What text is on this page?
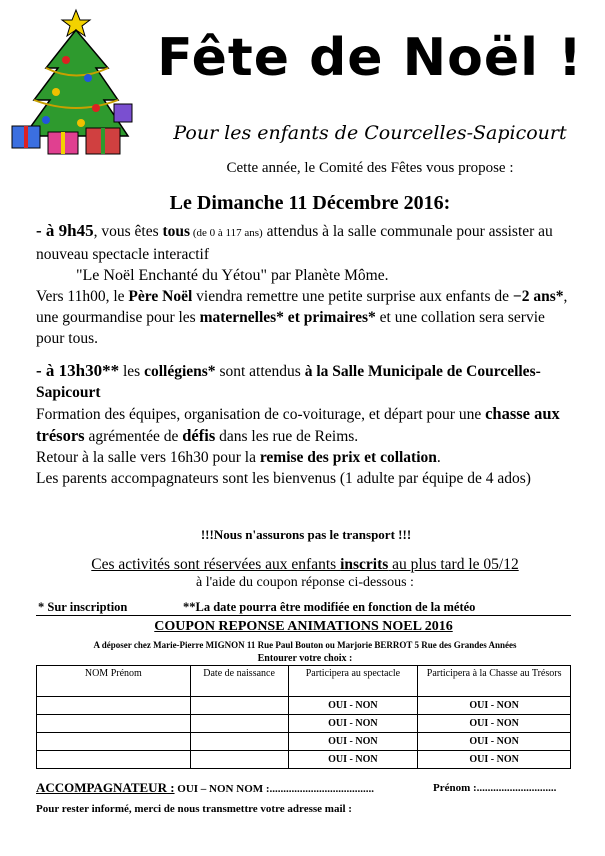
Fête de Noël !
Pour les enfants de Courcelles-Sapicourt
Cette année, le Comité des Fêtes vous propose :
Le Dimanche 11 Décembre 2016:
- à 9h45, vous êtes tous (de 0 à 117 ans) attendus à la salle communale pour assister au nouveau spectacle interactif
"Le Noël Enchanté du Yétou" par Planète Môme.
Vers 11h00, le Père Noël viendra remettre une petite surprise aux enfants de −2 ans*, une gourmandise pour les maternelles* et primaires* et une collation sera servie pour tous.
- à 13h30** les collégiens* sont attendus à la Salle Municipale de Courcelles-Sapicourt
Formation des équipes, organisation de co-voiturage, et départ pour une chasse aux trésors agrémentée de défis dans les rue de Reims.
Retour à la salle vers 16h30 pour la remise des prix et collation.
Les parents accompagnateurs sont les bienvenus (1 adulte par équipe de 4 ados)
!!!Nous n'assurons pas le transport !!!
Ces activités sont réservées aux enfants inscrits au plus tard le 05/12
à l'aide du coupon réponse ci-dessous :
* Sur inscription	**La date pourra être modifiée en fonction de la météo
COUPON REPONSE ANIMATIONS NOEL 2016
A déposer chez Marie-Pierre MIGNON 11 Rue Paul Bouton ou Marjorie BERROT 5 Rue des Grandes Années
Entourer votre choix :
NOM Prénom	Date de naissance	Participera au spectacle	Participera à la Chasse au Trésors
		OUI - NON	OUI - NON
		OUI - NON	OUI - NON
		OUI - NON	OUI - NON
		OUI - NON	OUI - NON
ACCOMPAGNATEUR : OUI – NON NOM :......................................	Prénom :.............................
Pour rester informé, merci de nous transmettre votre adresse mail :
